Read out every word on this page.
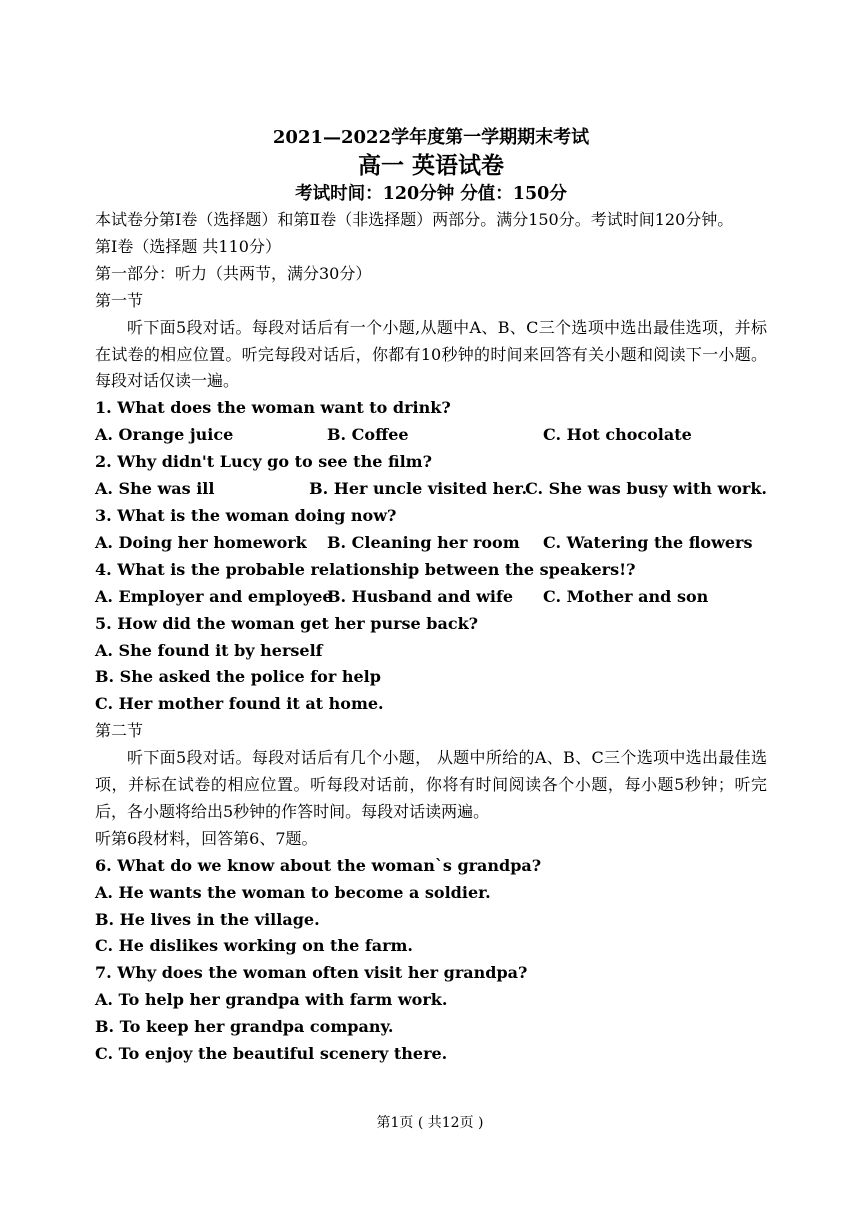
2021—2022学年度第一学期期末考试
高一 英语试卷
考试时间：120分钟 分值：150分
本试卷分第Ⅰ卷（选择题）和第Ⅱ卷（非选择题）两部分。满分150分。考试时间120分钟。
第Ⅰ卷（选择题 共110分）
第一部分：听力（共两节，满分30分）
第一节
听下面5段对话。每段对话后有一个小题,从题中A、B、C三个选项中选出最佳选项，并标在试卷的相应位置。听完每段对话后，你都有10秒钟的时间来回答有关小题和阅读下一小题。每段对话仅读一遍。
1. What does the woman want to drink?
A. Orange juice	B. Coffee	C. Hot chocolate
2. Why didn't Lucy go to see the film?
A. She was ill	B. Her uncle visited her.
C. She was busy with work.
3. What is the woman doing now?
A. Doing her homework	B. Cleaning her room	C. Watering the flowers
4. What is the probable relationship between the speakers!?
A. Employer and employee
B. Husband and wife	C. Mother and son
5. How did the woman get her purse back?
A. She found it by herself
B. She asked the police for help
C. Her mother found it at home.
第二节
听下面5段对话。每段对话后有几个小题， 从题中所给的A、B、C三个选项中选出最佳选项，并标在试卷的相应位置。听每段对话前，你将有时间阅读各个小题，每小题5秒钟；听完后，各小题将给出5秒钟的作答时间。每段对话读两遍。
听第6段材料，回答第6、7题。
6. What do we know about the woman`s grandpa?
A. He wants the woman to become a soldier.
B. He lives in the village.
C. He dislikes working on the farm.
7. Why does the woman often visit her grandpa?
A. To help her grandpa with farm work.
B. To keep her grandpa company.
C. To enjoy the beautiful scenery there.
第1页 ( 共12页 )
